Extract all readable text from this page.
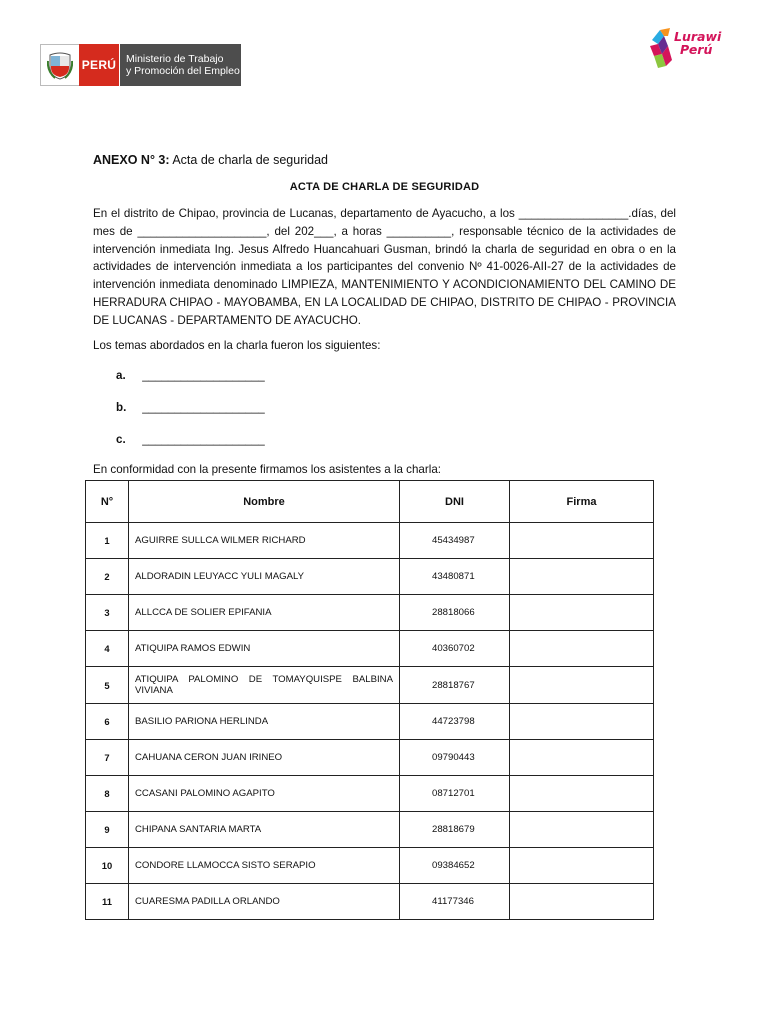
PERÚ Ministerio de Trabajo
y Promoción del Empleo
Lurawi
Perú
ANEXO N° 3: Acta de charla de seguridad
ACTA DE CHARLA DE SEGURIDAD
En el distrito de Chipao, provincia de Lucanas, departamento de Ayacucho, a los _________________.días, del mes de ____________________, del 202___, a horas __________, responsable técnico de la actividades de intervención inmediata Ing. Jesus Alfredo Huancahuari Gusman, brindó la charla de seguridad en obra o en la actividades de intervención inmediata a los participantes del convenio Nº 41-0026-AII-27 de la actividades de intervención inmediata denominado LIMPIEZA, MANTENIMIENTO Y ACONDICIONAMIENTO DEL CAMINO DE HERRADURA CHIPAO - MAYOBAMBA, EN LA LOCALIDAD DE CHIPAO, DISTRITO DE CHIPAO - PROVINCIA DE LUCANAS - DEPARTAMENTO DE AYACUCHO.
Los temas abordados en la charla fueron los siguientes:
a. ___________________
b. ___________________
c. ___________________
En conformidad con la presente firmamos los asistentes a la charla:
N°	Nombre	DNI	Firma
1	AGUIRRE SULLCA WILMER RICHARD	45434987	
2	ALDORADIN LEUYACC YULI MAGALY	43480871	
3	ALLCCA DE SOLIER EPIFANIA	28818066	
4	ATIQUIPA RAMOS EDWIN	40360702	
5	ATIQUIPA PALOMINO DE TOMAYQUISPE BALBINA VIVIANA	28818767	
6	BASILIO PARIONA HERLINDA	44723798	
7	CAHUANA CERON JUAN IRINEO	09790443	
8	CCASANI PALOMINO AGAPITO	08712701	
9	CHIPANA SANTARIA MARTA	28818679	
10	CONDORE LLAMOCCA SISTO SERAPIO	09384652	
11	CUARESMA PADILLA ORLANDO	41177346	
